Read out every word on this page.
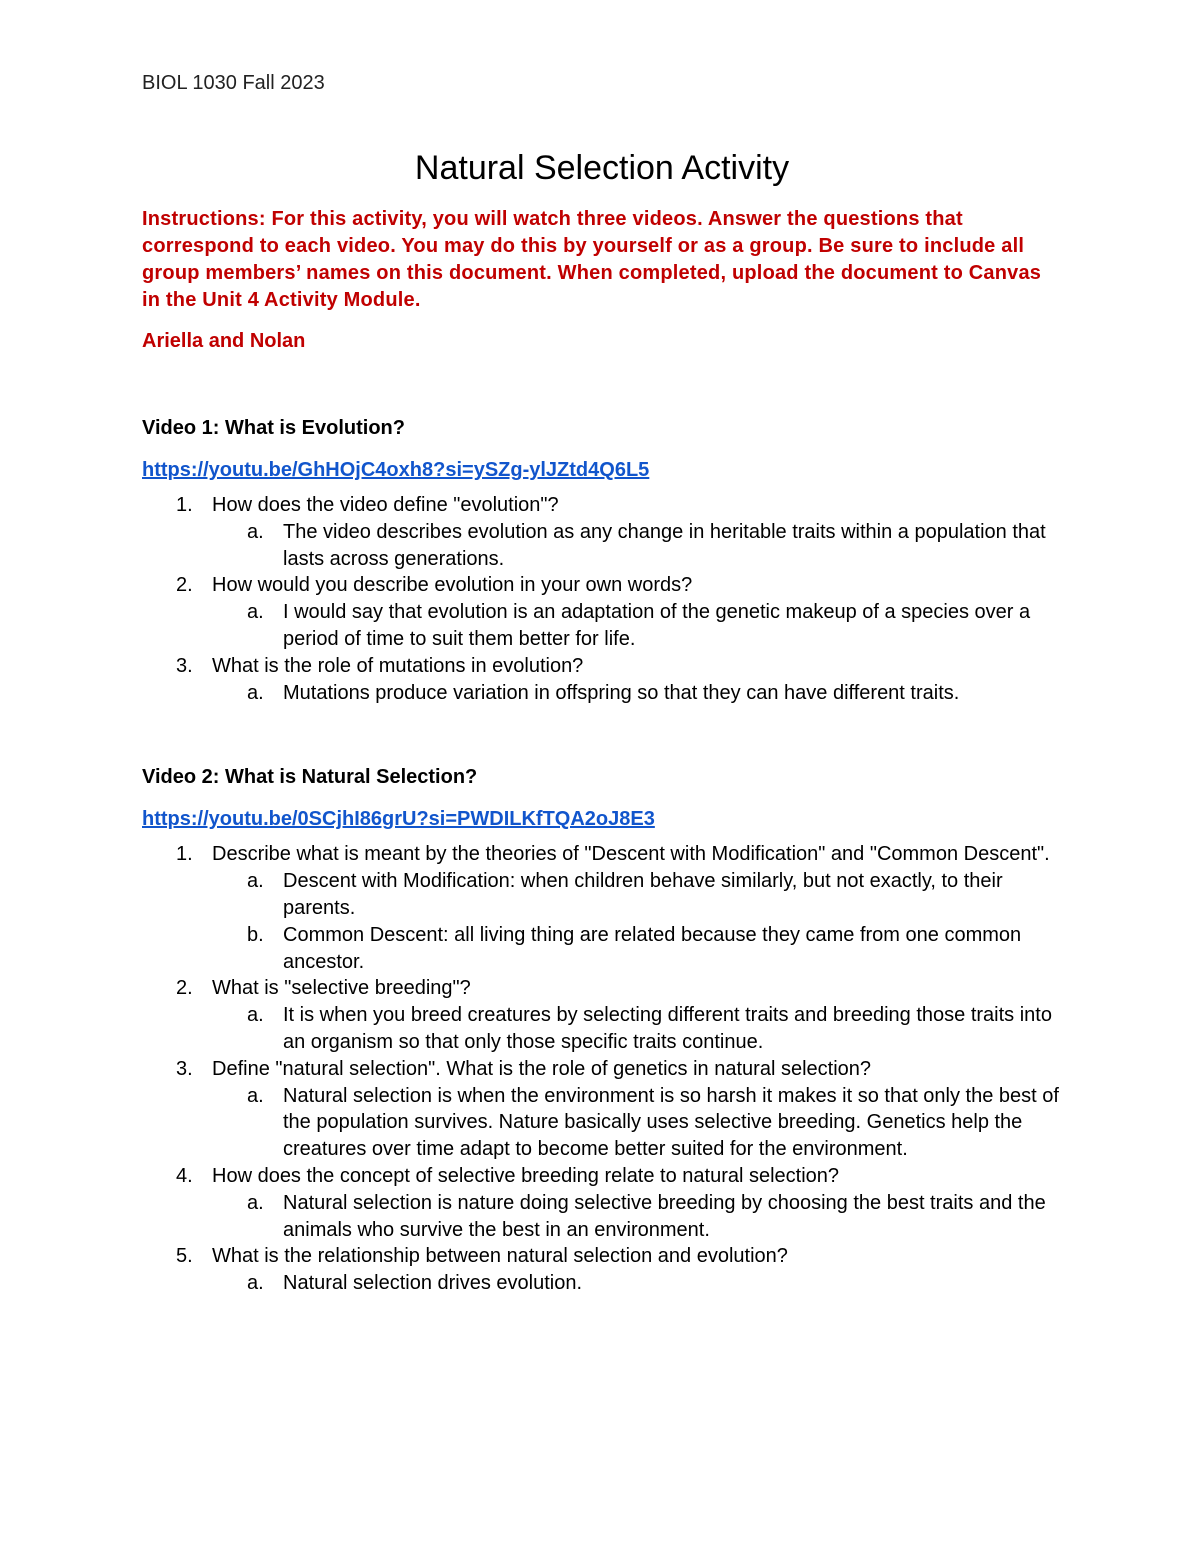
BIOL 1030 Fall 2023

Natural Selection Activity

Instructions: For this activity, you will watch three videos. Answer the questions that correspond to each video. You may do this by yourself or as a group. Be sure to include all group members’ names on this document. When completed, upload the document to Canvas in the Unit 4 Activity Module.

Ariella and Nolan

Video 1: What is Evolution?

https://youtu.be/GhHOjC4oxh8?si=ySZg-ylJZtd4Q6L5
1. How does the video define "evolution"?
a. The video describes evolution as any change in heritable traits within a population that lasts across generations.
2. How would you describe evolution in your own words?
a. I would say that evolution is an adaptation of the genetic makeup of a species over a period of time to suit them better for life.
3. What is the role of mutations in evolution?
a. Mutations produce variation in offspring so that they can have different traits.

Video 2: What is Natural Selection?

https://youtu.be/0SCjhI86grU?si=PWDILKfTQA2oJ8E3
1. Describe what is meant by the theories of "Descent with Modification" and "Common Descent".
a. Descent with Modification: when children behave similarly, but not exactly, to their parents.
b. Common Descent: all living thing are related because they came from one common ancestor.
2. What is "selective breeding"?
a. It is when you breed creatures by selecting different traits and breeding those traits into an organism so that only those specific traits continue.
3. Define "natural selection". What is the role of genetics in natural selection?
a. Natural selection is when the environment is so harsh it makes it so that only the best of the population survives. Nature basically uses selective breeding. Genetics help the creatures over time adapt to become better suited for the environment.
4. How does the concept of selective breeding relate to natural selection?
a. Natural selection is nature doing selective breeding by choosing the best traits and the animals who survive the best in an environment.
5. What is the relationship between natural selection and evolution?
a. Natural selection drives evolution.
